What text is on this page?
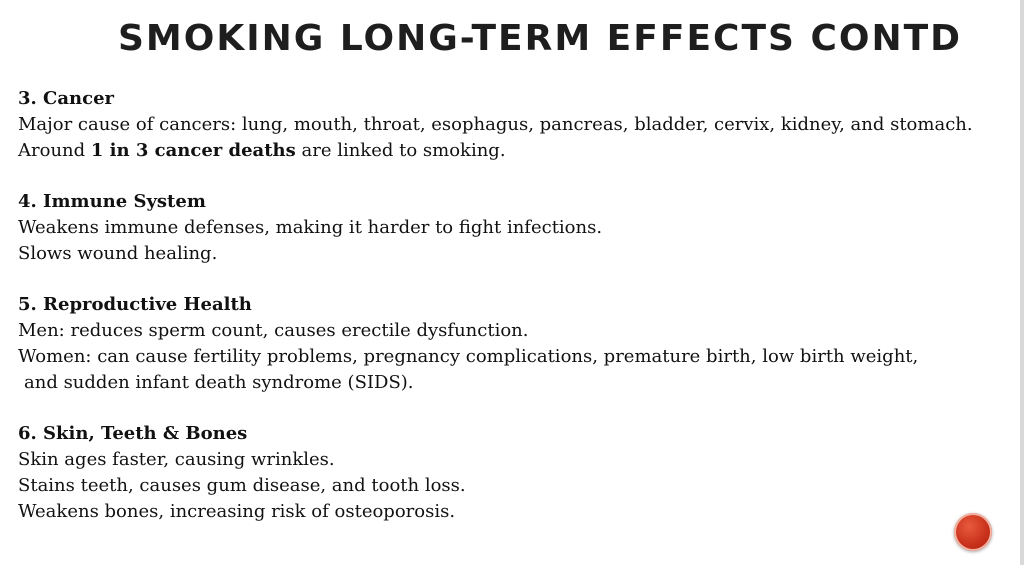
SMOKING LONG-TERM EFFECTS CONTD
3. Cancer
Major cause of cancers: lung, mouth, throat, esophagus, pancreas, bladder, cervix, kidney, and stomach.
Around 1 in 3 cancer deaths are linked to smoking.
4. Immune System
Weakens immune defenses, making it harder to fight infections.
Slows wound healing.
5. Reproductive Health
Men: reduces sperm count, causes erectile dysfunction.
Women: can cause fertility problems, pregnancy complications, premature birth, low birth weight,
and sudden infant death syndrome (SIDS).
6. Skin, Teeth & Bones
Skin ages faster, causing wrinkles.
Stains teeth, causes gum disease, and tooth loss.
Weakens bones, increasing risk of osteoporosis.
